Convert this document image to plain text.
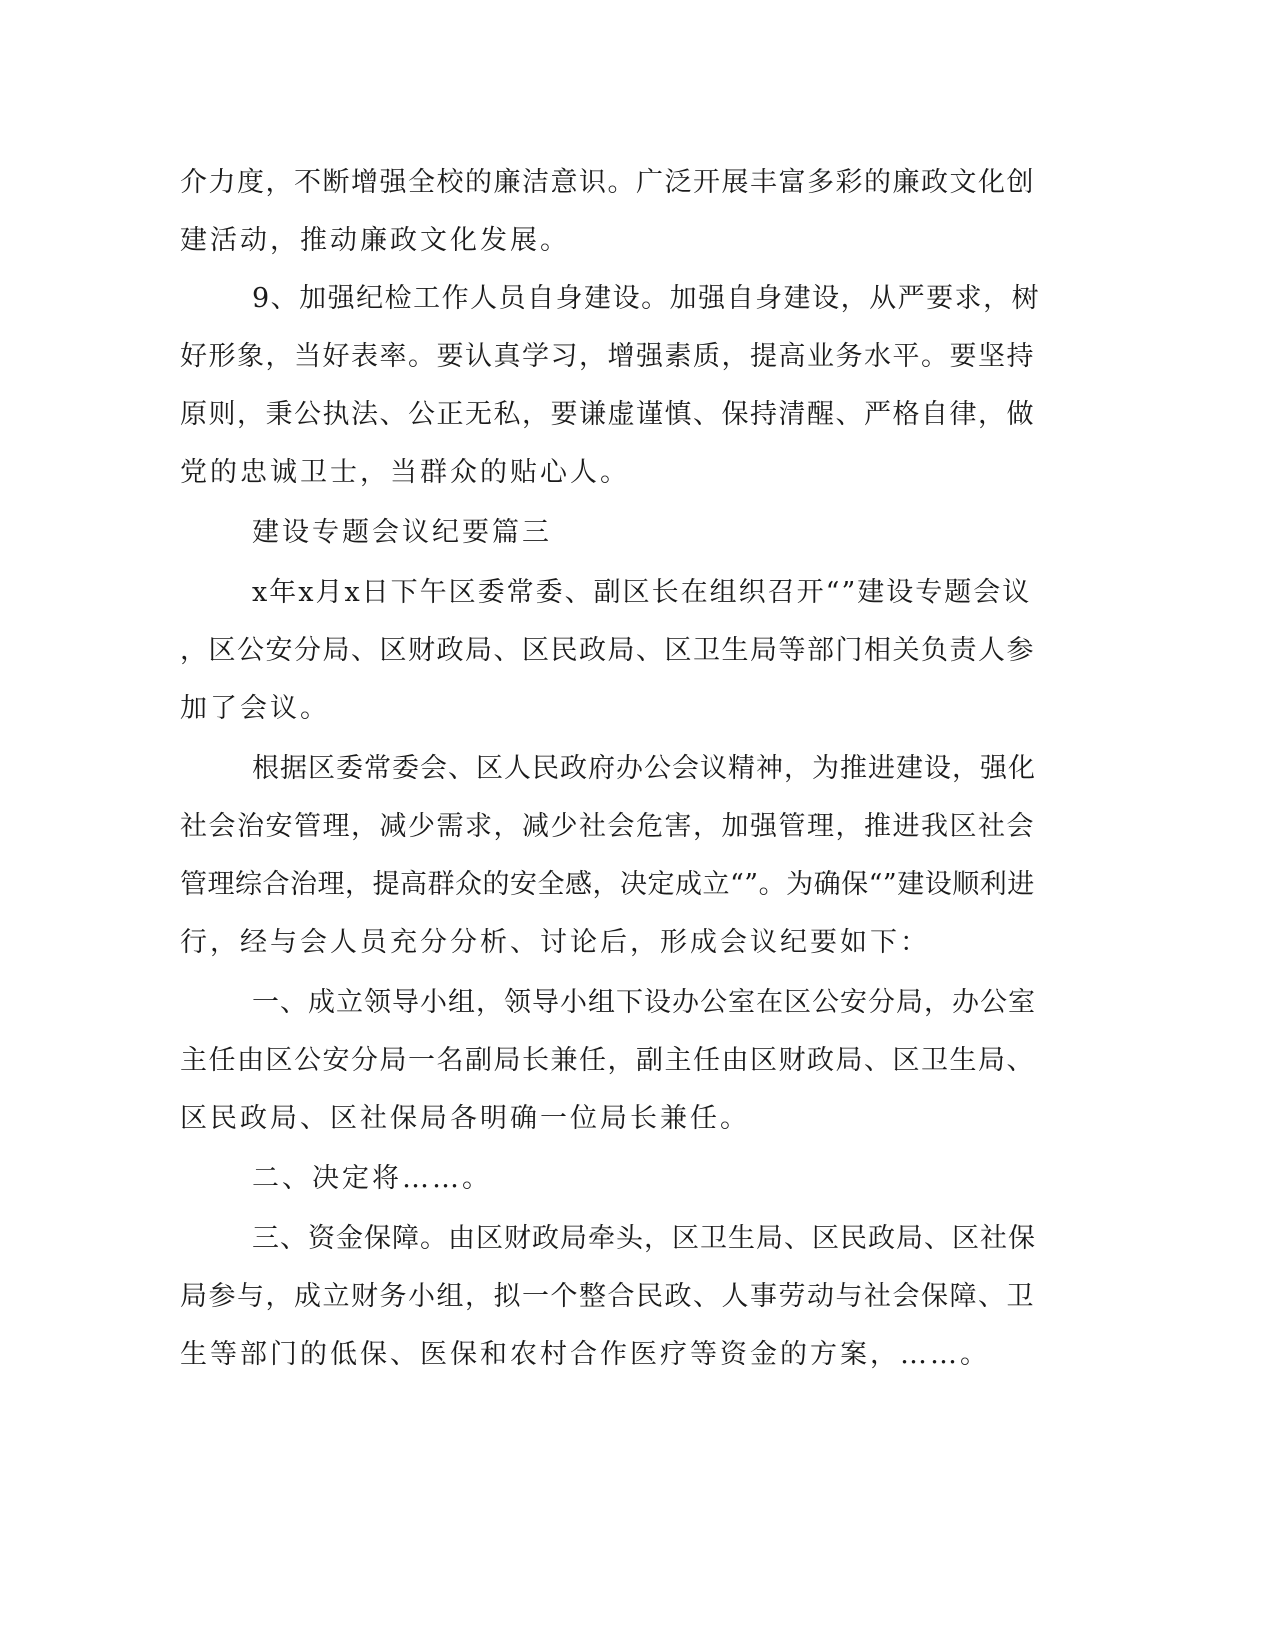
介力度，不断增强全校的廉洁意识。广泛开展丰富多彩的廉政文化创
建活动，推动廉政文化发展。
9、加强纪检工作人员自身建设。加强自身建设，从严要求，树
好形象，当好表率。要认真学习，增强素质，提高业务水平。要坚持
原则，秉公执法、公正无私，要谦虚谨慎、保持清醒、严格自律，做
党的忠诚卫士，当群众的贴心人。
建设专题会议纪要篇三
x年x月x日下午区委常委、副区长在组织召开“”建设专题会议
，区公安分局、区财政局、区民政局、区卫生局等部门相关负责人参
加了会议。
根据区委常委会、区人民政府办公会议精神，为推进建设，强化
社会治安管理，减少需求，减少社会危害，加强管理，推进我区社会
管理综合治理，提高群众的安全感，决定成立“”。为确保“”建设顺利进
行，经与会人员充分分析、讨论后，形成会议纪要如下：
一、成立领导小组，领导小组下设办公室在区公安分局，办公室
主任由区公安分局一名副局长兼任，副主任由区财政局、区卫生局、
区民政局、区社保局各明确一位局长兼任。
二、决定将……。
三、资金保障。由区财政局牵头，区卫生局、区民政局、区社保
局参与，成立财务小组，拟一个整合民政、人事劳动与社会保障、卫
生等部门的低保、医保和农村合作医疗等资金的方案，……。
